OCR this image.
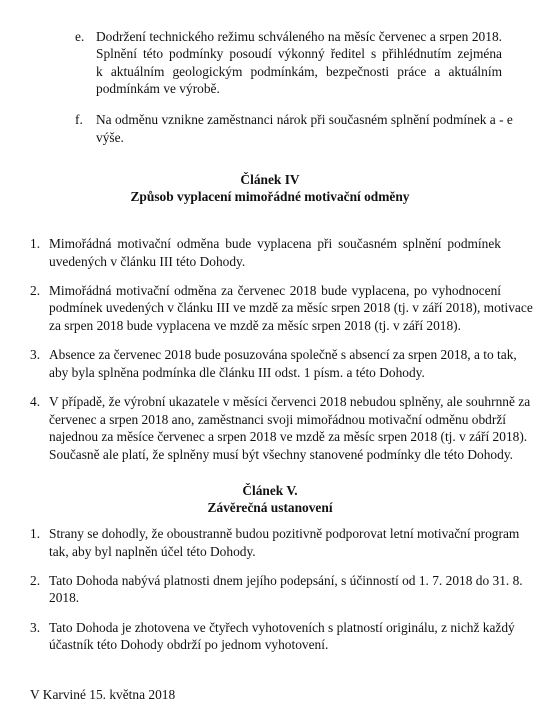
e. Dodržení technického režimu schváleného na měsíc červenec a srpen 2018.
Splnění této podmínky posoudí výkonný ředitel s přihlédnutím zejména
k aktuálním geologickým podmínkám, bezpečnosti práce a aktuálním
podmínkám ve výrobě.
f. Na odměnu vznikne zaměstnanci nárok při současném splnění podmínek a - e
výše.
Článek IV
Způsob vyplacení mimořádné motivační odměny
1. Mimořádná motivační odměna bude vyplacena při současném splnění podmínek
uvedených v článku III této Dohody.
2. Mimořádná motivační odměna za červenec 2018 bude vyplacena, po vyhodnocení
podmínek uvedených v článku III ve mzdě za měsíc srpen 2018 (tj. v září 2018), motivace
za srpen 2018 bude vyplacena ve mzdě za měsíc srpen 2018 (tj. v září 2018).
3. Absence za červenec 2018 bude posuzována společně s absencí za srpen 2018, a to tak,
aby byla splněna podmínka dle článku III odst. 1 písm. a této Dohody.
4. V případě, že výrobní ukazatele v měsíci červenci 2018 nebudou splněny, ale souhrnně za
červenec a srpen 2018 ano, zaměstnanci svoji mimořádnou motivační odměnu obdrží
najednou za měsíce červenec a srpen 2018 ve mzdě za měsíc srpen 2018 (tj. v září 2018).
Současně ale platí, že splněny musí být všechny stanovené podmínky dle této Dohody.
Článek V.
Závěrečná ustanovení
1. Strany se dohodly, že oboustranně budou pozitivně podporovat letní motivační program
tak, aby byl naplněn účel této Dohody.
2. Tato Dohoda nabývá platnosti dnem jejího podepsání, s účinností od 1. 7. 2018 do 31. 8.
2018.
3. Tato Dohoda je zhotovena ve čtyřech vyhotoveních s platností originálu, z nichž každý
účastník této Dohody obdrží po jednom vyhotovení.
V Karviné 15. května 2018
